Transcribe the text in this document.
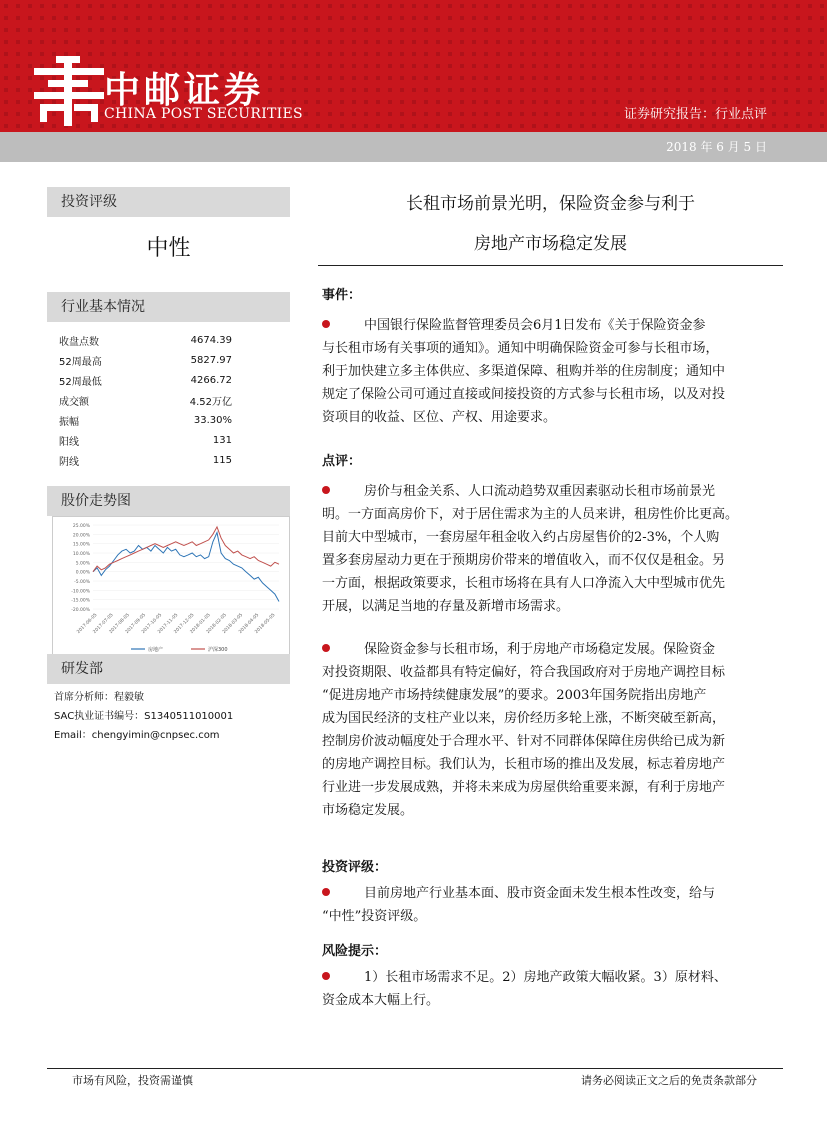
中邮证券
CHINA POST SECURITIES	证券研究报告：行业点评
2018 年 6 月 5 日
投资评级
中性
行业基本情况
收盘点数	4674.39
52周最高	5827.97
52周最低	4266.72
成交额	4.52万亿
振幅	33.30%
阳线	131
阴线	115
股价走势图
25.00%
20.00%
15.00%
10.00%
5.00%
0.00%
-5.00%
-10.00%
-15.00%
-20.00%
2017-06-05
2017-07-05
2017-08-05
2017-09-05
2017-10-05
2017-11-05
2017-12-05
2018-01-05
2018-02-05
2018-03-05
2018-04-05
2018-05-05
房地产	沪深300
研发部
首席分析师：程毅敏
SAC执业证书编号：S1340511010001
Email：chengyimin@cnpsec.com
长租市场前景光明，保险资金参与利于
房地产市场稳定发展
事件：
中国银行保险监督管理委员会6月1日发布《关于保险资金参
与长租市场有关事项的通知》。通知中明确保险资金可参与长租市场，
利于加快建立多主体供应、多渠道保障、租购并举的住房制度；通知中
规定了保险公司可通过直接或间接投资的方式参与长租市场，以及对投
资项目的收益、区位、产权、用途要求。
点评：
房价与租金关系、人口流动趋势双重因素驱动长租市场前景光
明。一方面高房价下，对于居住需求为主的人员来讲，租房性价比更高。
目前大中型城市，一套房屋年租金收入约占房屋售价的2-3%，个人购
置多套房屋动力更在于预期房价带来的增值收入，而不仅仅是租金。另
一方面，根据政策要求，长租市场将在具有人口净流入大中型城市优先
开展，以满足当地的存量及新增市场需求。
保险资金参与长租市场，利于房地产市场稳定发展。保险资金
对投资期限、收益都具有特定偏好，符合我国政府对于房地产调控目标
“促进房地产市场持续健康发展”的要求。2003年国务院指出房地产
成为国民经济的支柱产业以来，房价经历多轮上涨，不断突破至新高，
控制房价波动幅度处于合理水平、针对不同群体保障住房供给已成为新
的房地产调控目标。我们认为，长租市场的推出及发展，标志着房地产
行业进一步发展成熟，并将未来成为房屋供给重要来源，有利于房地产
市场稳定发展。
投资评级：
目前房地产行业基本面、股市资金面未发生根本性改变，给与
“中性”投资评级。
风险提示：
1）长租市场需求不足。2）房地产政策大幅收紧。3）原材料、
资金成本大幅上行。
市场有风险，投资需谨慎	请务必阅读正文之后的免责条款部分
